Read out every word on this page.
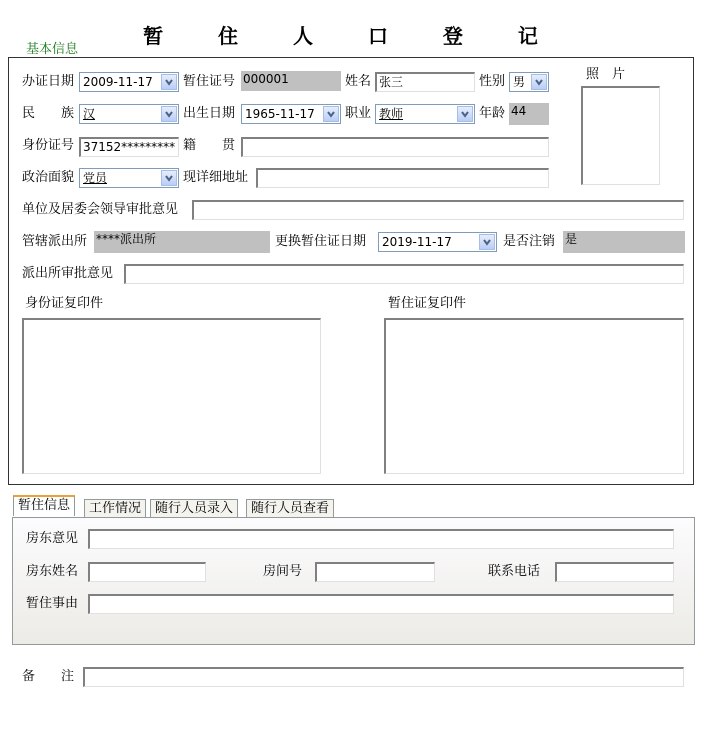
暂 住 人 口 登 记
基本信息
办证日期 2009-11-17	暂住证号 000001	姓名 张三	性别 男	照　片
民　　族 汉	出生日期 1965-11-17	职业 教师	年龄 44
身份证号 37152********* 籍　　贯
政治面貌 党员	现详细地址
单位及居委会领导审批意见
管辖派出所 ****派出所	更换暂住证日期	2019-11-17	是否注销 是
派出所审批意见
身份证复印件	暂住证复印件
暂住信息	工作情况	随行人员录入	随行人员查看
房东意见
房东姓名	房间号	联系电话
暂住事由
备　　注
